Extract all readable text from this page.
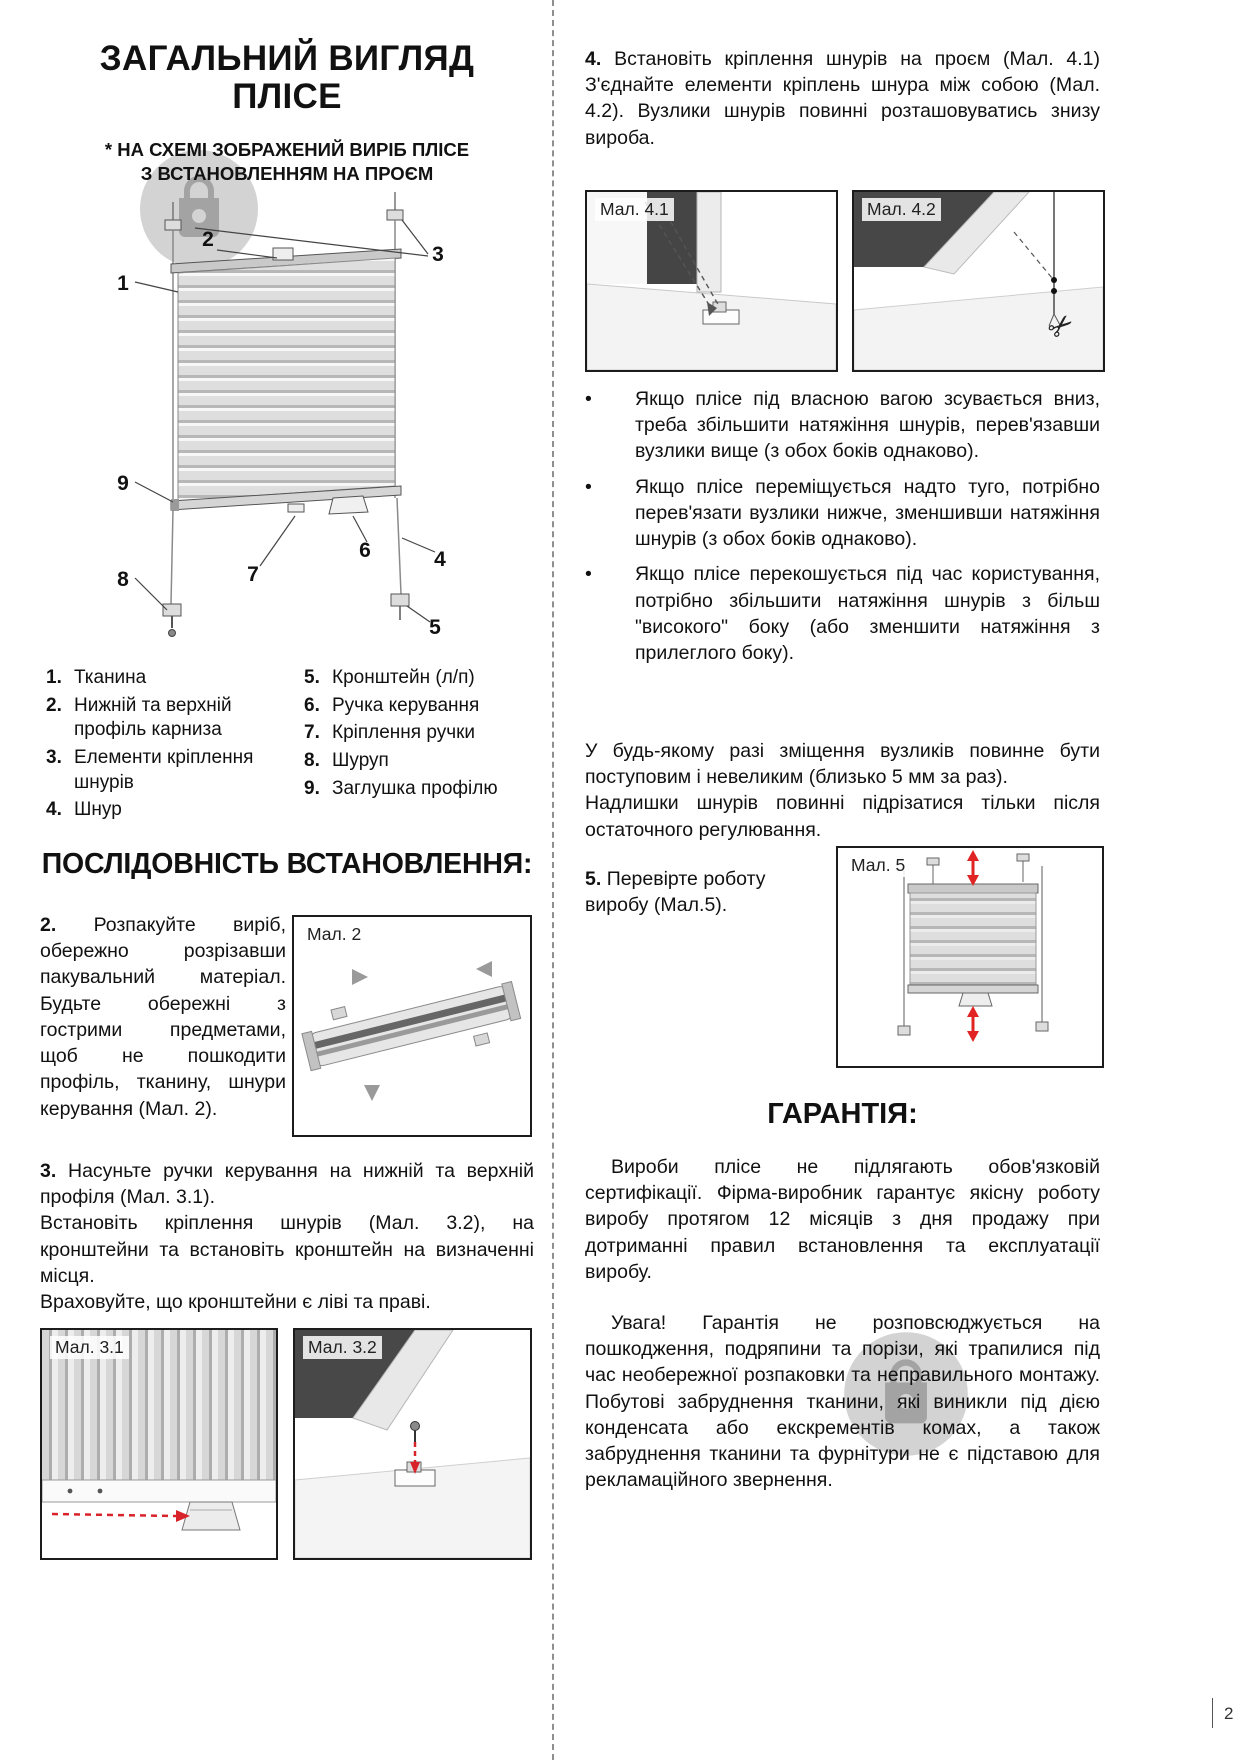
ЗАГАЛЬНИЙ ВИГЛЯД
ПЛІСЕ
* НА СХЕМІ ЗОБРАЖЕНИЙ ВИРІБ ПЛІСЕ
З ВСТАНОВЛЕННЯМ НА ПРОЄМ
1
2
3
4
5
6
7
8
9
1. Тканина
2. Нижній та верхній профіль карниза
3. Елементи кріплення шнурів
4. Шнур
5. Кронштейн (л/п)
6. Ручка керування
7. Кріплення ручки
8. Шуруп
9. Заглушка профілю
ПОСЛІДОВНІСТЬ ВСТАНОВЛЕННЯ:
2. Розпакуйте виріб, обережно розрізавши пакувальний матеріал. Будьте обережні з гострими предметами, щоб не пошкодити профіль, тканину, шнури керування (Мал. 2).
Мал. 2
3. Насуньте ручки керування на нижній та верхній профіля (Мал. 3.1).
Встановіть кріплення шнурів (Мал. 3.2), на кронштейни та встановіть кронштейн на визначенні місця.
Враховуйте, що кронштейни є ліві та праві.
Мал. 3.1	Мал. 3.2
4. Встановіть кріплення шнурів на проєм (Мал. 4.1) З'єднайте елементи кріплень шнура між собою (Мал. 4.2). Вузлики шнурів повинні розташовуватись знизу вироба.
Мал. 4.1	Мал. 4.2
✂
•	Якщо плісе під власною вагою зсувається вниз, треба збільшити натяжіння шнурів, перев'язавши вузлики вище (з обох боків однаково).
•	Якщо плісе переміщується надто туго, потрібно перев'язати вузлики нижче, зменшивши натяжіння шнурів (з обох боків однаково).
•	Якщо плісе перекошується під час користування, потрібно збільшити натяжіння шнурів з більш "високого" боку (або зменшити натяжіння з прилеглого боку).
У будь-якому разі зміщення вузликів повинне бути поступовим і невеликим (близько 5 мм за раз).
Надлишки шнурів повинні підрізатися тільки після остаточного регулювання.
5. Перевірте роботу виробу (Мал.5).
Мал. 5
ГАРАНТІЯ:
Вироби плісе не підлягають обов'язковій сертифікації. Фірма-виробник гарантує якісну роботу виробу протягом 12 місяців з дня продажу при дотриманні правил встановлення та експлуатації виробу.
Увага! Гарантія не розповсюджується на пошкодження, подряпини та порізи, які трапилися під час необережної розпаковки та неправильного монтажу. Побутові забруднення тканини, які виникли під дією конденсата або екскрементів комах, а також забруднення тканини та фурнітури не є підставою для рекламаційного звернення.
2
